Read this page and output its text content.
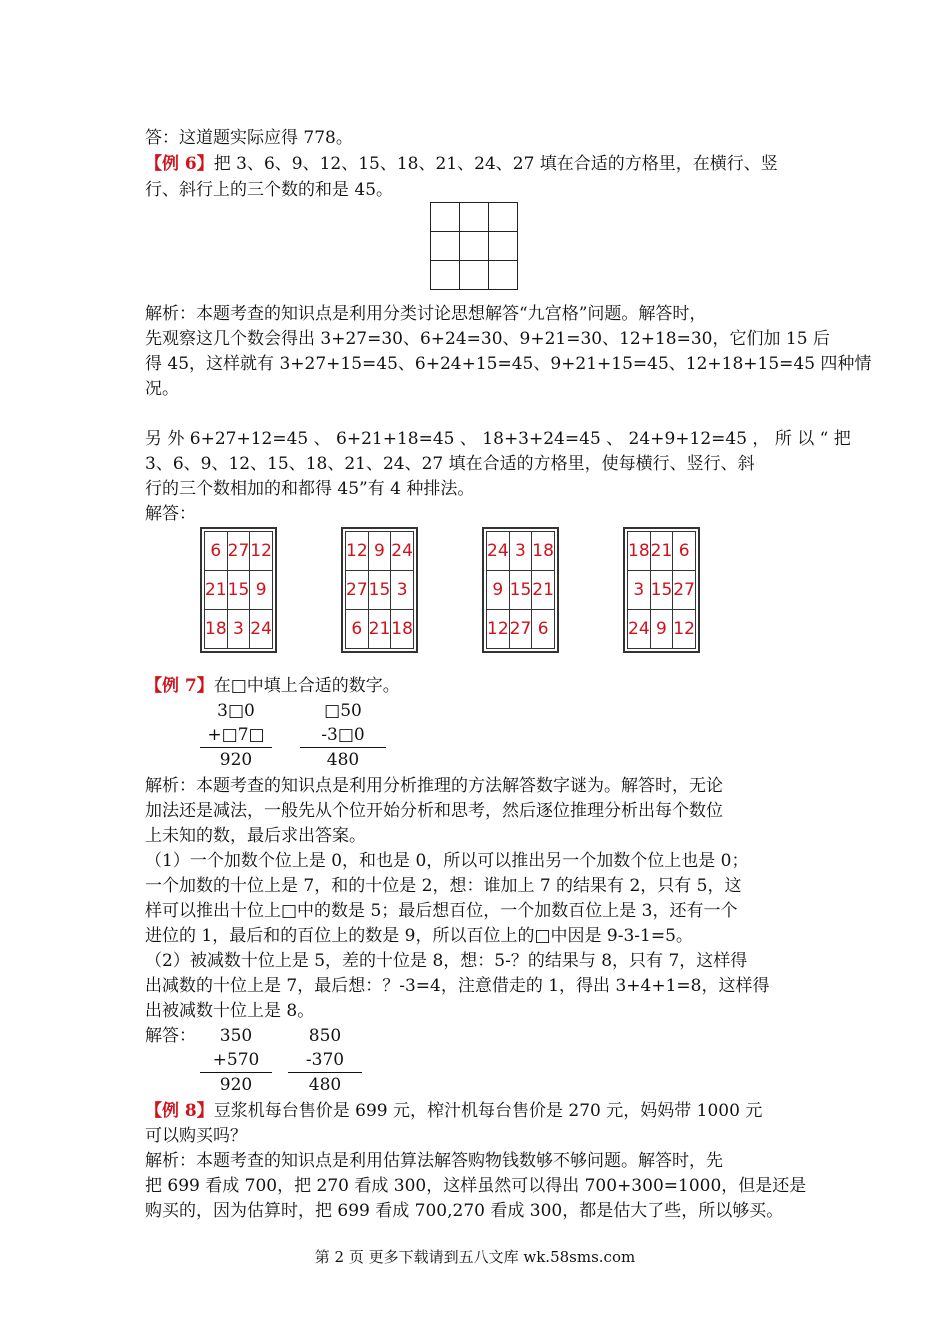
答：这道题实际应得 778。
【例 6】把 3、6、9、12、15、18、21、24、27 填在合适的方格里，在横行、竖
行、斜行上的三个数的和是 45。

解析：本题考查的知识点是利用分类讨论思想解答“九宫格”问题。解答时，
先观察这几个数会得出 3+27=30、6+24=30、9+21=30、12+18=30，它们加 15 后
得 45，这样就有 3+27+15=45、6+24+15=45、9+21+15=45、12+18+15=45 四种情
况。
另 外 6+27+12=45 、 6+21+18=45 、 18+3+24=45 、 24+9+12=45 ， 所 以 “ 把
3、6、9、12、15、18、21、24、27 填在合适的方格里，使每横行、竖行、斜
行的三个数相加的和都得 45”有 4 种排法。
解答：
6	27	12
21	15	9
18	3	24
12	9	24
27	15	3
6	21	18
24	3	18
9	15	21
12	27	6
18	21	6
3	15	27
24	9	12
【例 7】在□中填上合适的数字。
3□0
+□7□
920
□50
-3□0
480
解析：本题考查的知识点是利用分析推理的方法解答数字谜为。解答时，无论
加法还是减法，一般先从个位开始分析和思考，然后逐位推理分析出每个数位
上未知的数，最后求出答案。
（1）一个加数个位上是 0，和也是 0，所以可以推出另一个加数个位上也是 0；
一个加数的十位上是 7，和的十位是 2，想：谁加上 7 的结果有 2，只有 5，这
样可以推出十位上□中的数是 5；最后想百位，一个加数百位上是 3，还有一个
进位的 1，最后和的百位上的数是 9，所以百位上的□中因是 9-3-1=5。
（2）被减数十位上是 5，差的十位是 8，想：5-？的结果与 8，只有 7，这样得
出减数的十位上是 7，最后想：？-3=4，注意借走的 1，得出 3+4+1=8，这样得
出被减数十位上是 8。
解答：	350
+570
920
850
-370
480
【例 8】豆浆机每台售价是 699 元，榨汁机每台售价是 270 元，妈妈带 1000 元
可以购买吗？
解析：本题考查的知识点是利用估算法解答购物钱数够不够问题。解答时，先
把 699 看成 700，把 270 看成 300，这样虽然可以得出 700+300=1000，但是还是
购买的，因为估算时，把 699 看成 700,270 看成 300，都是估大了些，所以够买。
第 2 页 更多下载请到五八文库 wk.58sms.com
